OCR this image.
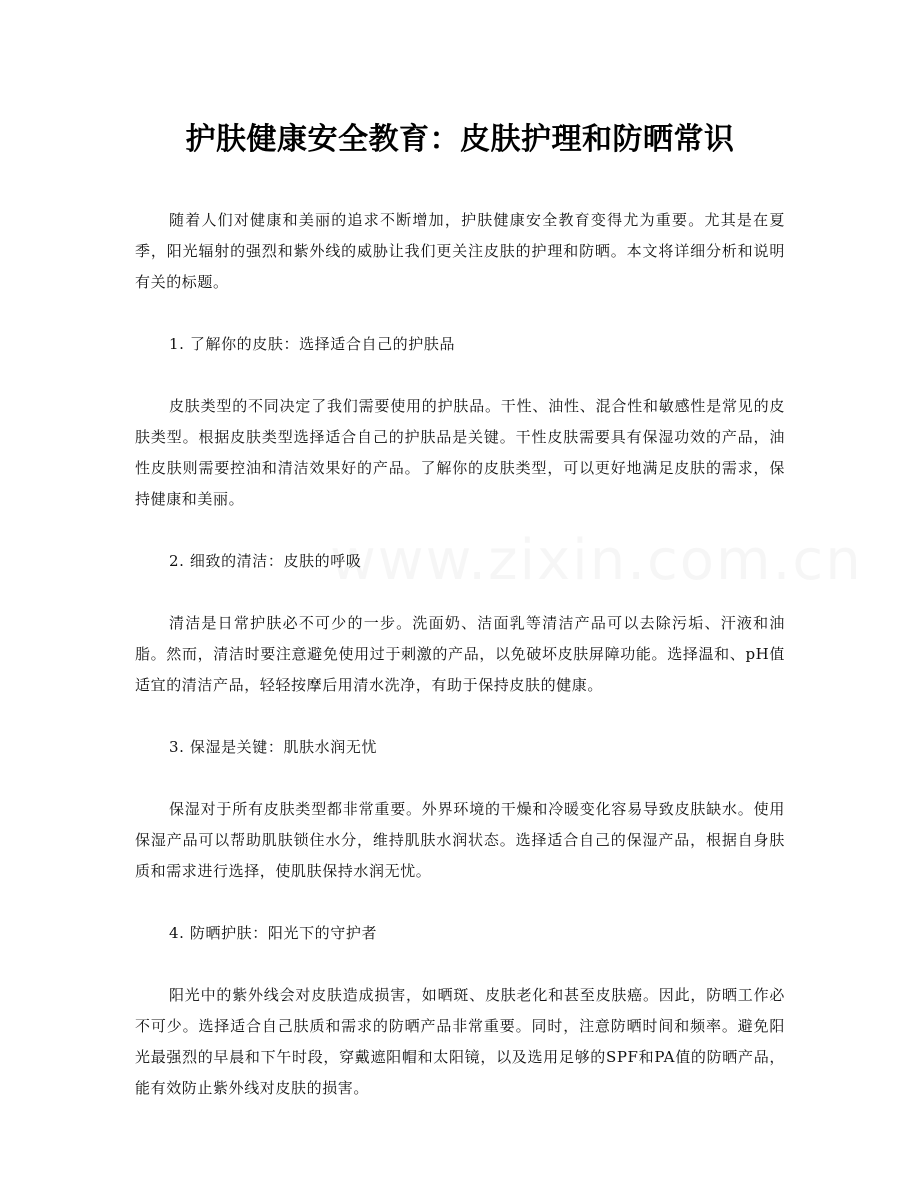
护肤健康安全教育：皮肤护理和防晒常识

随着人们对健康和美丽的追求不断增加，护肤健康安全教育变得尤为重要。尤其是在夏季，阳光辐射的强烈和紫外线的威胁让我们更关注皮肤的护理和防晒。本文将详细分析和说明有关的标题。

1. 了解你的皮肤：选择适合自己的护肤品

皮肤类型的不同决定了我们需要使用的护肤品。干性、油性、混合性和敏感性是常见的皮肤类型。根据皮肤类型选择适合自己的护肤品是关键。干性皮肤需要具有保湿功效的产品，油性皮肤则需要控油和清洁效果好的产品。了解你的皮肤类型，可以更好地满足皮肤的需求，保持健康和美丽。

2. 细致的清洁：皮肤的呼吸

清洁是日常护肤必不可少的一步。洗面奶、洁面乳等清洁产品可以去除污垢、汗液和油脂。然而，清洁时要注意避免使用过于刺激的产品，以免破坏皮肤屏障功能。选择温和、pH值适宜的清洁产品，轻轻按摩后用清水洗净，有助于保持皮肤的健康。

3. 保湿是关键：肌肤水润无忧

保湿对于所有皮肤类型都非常重要。外界环境的干燥和冷暖变化容易导致皮肤缺水。使用保湿产品可以帮助肌肤锁住水分，维持肌肤水润状态。选择适合自己的保湿产品，根据自身肤质和需求进行选择，使肌肤保持水润无忧。

4. 防晒护肤：阳光下的守护者

阳光中的紫外线会对皮肤造成损害，如晒斑、皮肤老化和甚至皮肤癌。因此，防晒工作必不可少。选择适合自己肤质和需求的防晒产品非常重要。同时，注意防晒时间和频率。避免阳光最强烈的早晨和下午时段，穿戴遮阳帽和太阳镜，以及选用足够的SPF和PA值的防晒产品，能有效防止紫外线对皮肤的损害。
